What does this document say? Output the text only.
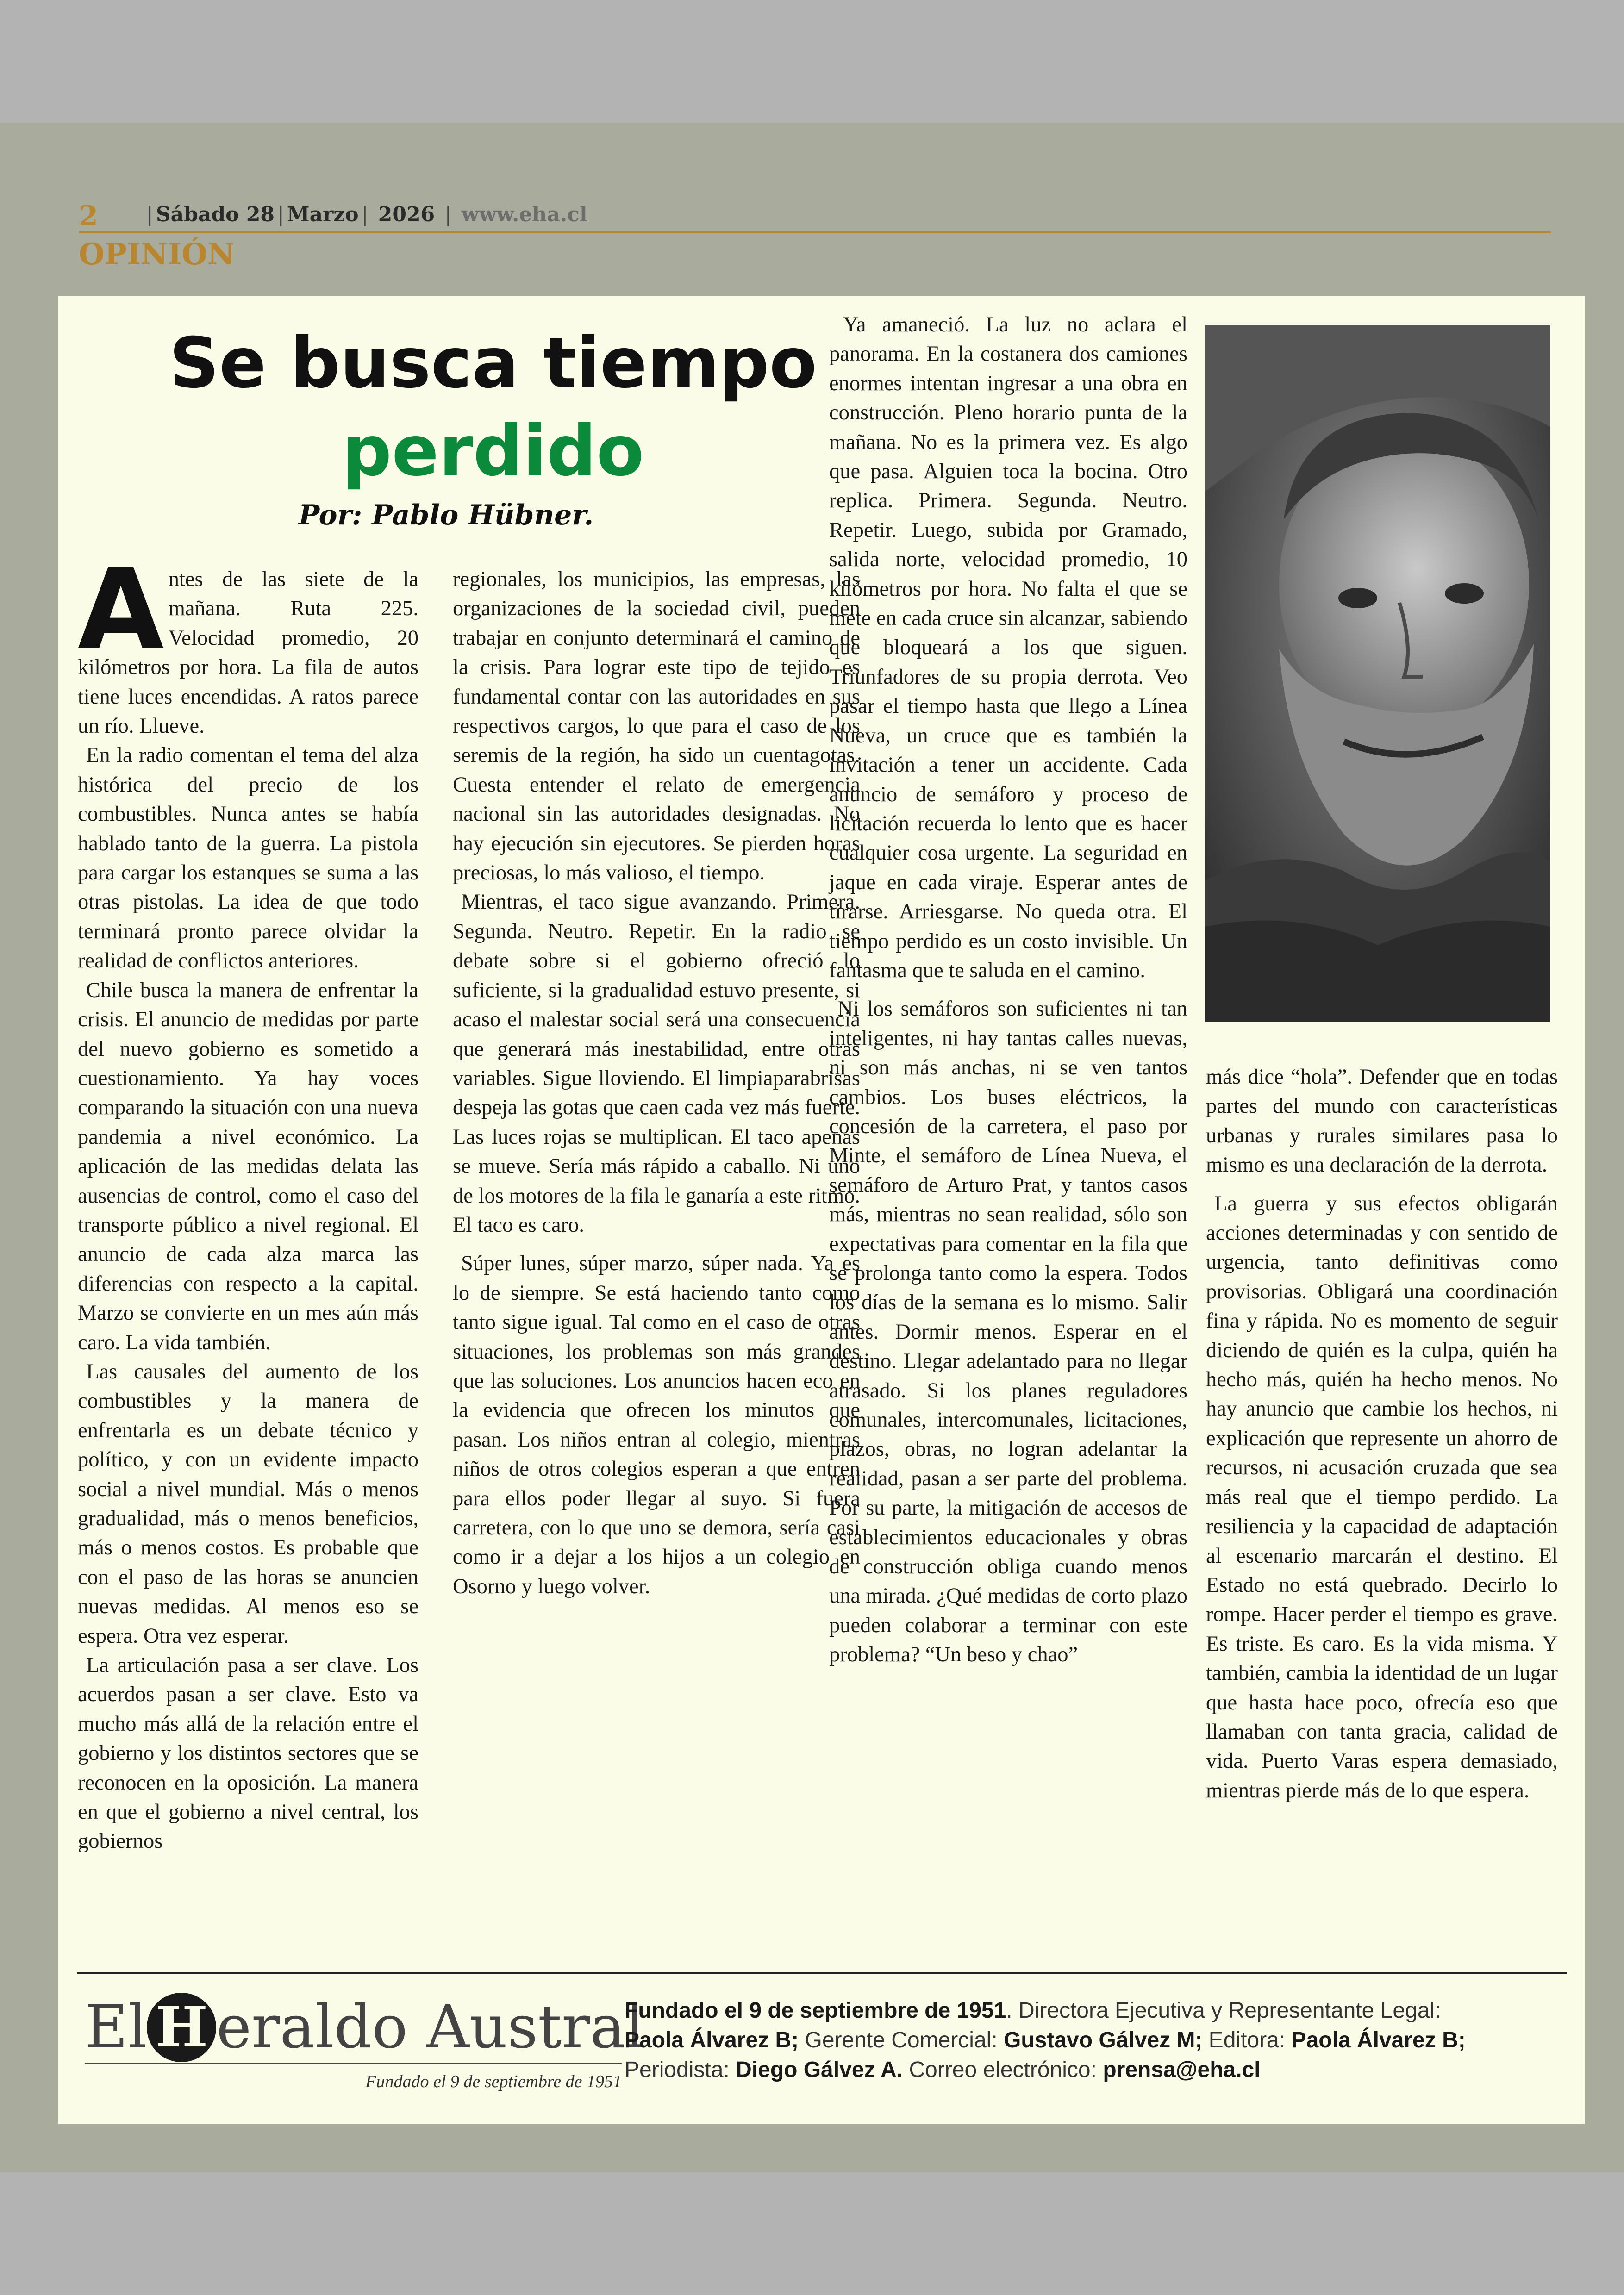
2 | Sábado 28 | Marzo | 2026 | www.eha.cl
OPINIÓN
Se busca tiempo
perdido
Por: Pablo Hübner.

Antes de las siete de la mañana. Ruta 225. Velocidad promedio, 20 kilómetros por hora. La fila de autos tiene luces encendidas. A ratos parece un río. Llueve.

En la radio comentan el tema del alza histórica del precio de los combustibles. Nunca antes se había hablado tanto de la guerra. La pistola para cargar los estanques se suma a las otras pistolas. La idea de que todo terminará pronto parece olvidar la realidad de conflictos anteriores.

Chile busca la manera de enfrentar la crisis. El anuncio de medidas por parte del nuevo gobierno es sometido a cuestionamiento. Ya hay voces comparando la situación con una nueva pandemia a nivel económico. La aplicación de las medidas delata las ausencias de control, como el caso del transporte público a nivel regional. El anuncio de cada alza marca las diferencias con respecto a la capital. Marzo se convierte en un mes aún más caro. La vida también.

Las causales del aumento de los combustibles y la manera de enfrentarla es un debate técnico y político, y con un evidente impacto social a nivel mundial. Más o menos gradualidad, más o menos beneficios, más o menos costos. Es probable que con el paso de las horas se anuncien nuevas medidas. Al menos eso se espera. Otra vez esperar.

La articulación pasa a ser clave. Los acuerdos pasan a ser clave. Esto va mucho más allá de la relación entre el gobierno y los distintos sectores que se reconocen en la oposición. La manera en que el gobierno a nivel central, los gobiernos

regionales, los municipios, las empresas, las organizaciones de la sociedad civil, pueden trabajar en conjunto determinará el camino de la crisis. Para lograr este tipo de tejido es fundamental contar con las autoridades en sus respectivos cargos, lo que para el caso de los seremis de la región, ha sido un cuentagotas. Cuesta entender el relato de emergencia nacional sin las autoridades designadas. No hay ejecución sin ejecutores. Se pierden horas preciosas, lo más valioso, el tiempo.

Mientras, el taco sigue avanzando. Primera. Segunda. Neutro. Repetir. En la radio se debate sobre si el gobierno ofreció lo suficiente, si la gradualidad estuvo presente, si acaso el malestar social será una consecuencia que generará más inestabilidad, entre otras variables. Sigue lloviendo. El limpiaparabrisas despeja las gotas que caen cada vez más fuerte. Las luces rojas se multiplican. El taco apenas se mueve. Sería más rápido a caballo. Ni uno de los motores de la fila le ganaría a este ritmo. El taco es caro.

Súper lunes, súper marzo, súper nada. Ya es lo de siempre. Se está haciendo tanto como tanto sigue igual. Tal como en el caso de otras situaciones, los problemas son más grandes que las soluciones. Los anuncios hacen eco en la evidencia que ofrecen los minutos que pasan. Los niños entran al colegio, mientras niños de otros colegios esperan a que entren para ellos poder llegar al suyo. Si fuera carretera, con lo que uno se demora, sería casi como ir a dejar a los hijos a un colegio en Osorno y luego volver.

Ya amaneció. La luz no aclara el panorama. En la costanera dos camiones enormes intentan ingresar a una obra en construcción. Pleno horario punta de la mañana. No es la primera vez. Es algo que pasa. Alguien toca la bocina. Otro replica. Primera. Segunda. Neutro. Repetir. Luego, subida por Gramado, salida norte, velocidad promedio, 10 kilómetros por hora. No falta el que se mete en cada cruce sin alcanzar, sabiendo que bloqueará a los que siguen. Triunfadores de su propia derrota. Veo pasar el tiempo hasta que llego a Línea Nueva, un cruce que es también la invitación a tener un accidente. Cada anuncio de semáforo y proceso de licitación recuerda lo lento que es hacer cualquier cosa urgente. La seguridad en jaque en cada viraje. Esperar antes de tirarse. Arriesgarse. No queda otra. El tiempo perdido es un costo invisible. Un fantasma que te saluda en el camino.

Ni los semáforos son suficientes ni tan inteligentes, ni hay tantas calles nuevas, ni son más anchas, ni se ven tantos cambios. Los buses eléctricos, la concesión de la carretera, el paso por Minte, el semáforo de Línea Nueva, el semáforo de Arturo Prat, y tantos casos más, mientras no sean realidad, sólo son expectativas para comentar en la fila que se prolonga tanto como la espera. Todos los días de la semana es lo mismo. Salir antes. Dormir menos. Esperar en el destino. Llegar adelantado para no llegar atrasado. Si los planes reguladores comunales, intercomunales, licitaciones, plazos, obras, no logran adelantar la realidad, pasan a ser parte del problema. Por su parte, la mitigación de accesos de establecimientos educacionales y obras de construcción obliga cuando menos una mirada. ¿Qué medidas de corto plazo pueden colaborar a terminar con este problema? “Un beso y chao”

más dice “hola”. Defender que en todas partes del mundo con características urbanas y rurales similares pasa lo mismo es una declaración de la derrota.

La guerra y sus efectos obligarán acciones determinadas y con sentido de urgencia, tanto definitivas como provisorias. Obligará una coordinación fina y rápida. No es momento de seguir diciendo de quién es la culpa, quién ha hecho más, quién ha hecho menos. No hay anuncio que cambie los hechos, ni explicación que represente un ahorro de recursos, ni acusación cruzada que sea más real que el tiempo perdido. La resiliencia y la capacidad de adaptación al escenario marcarán el destino. El Estado no está quebrado. Decirlo lo rompe. Hacer perder el tiempo es grave. Es triste. Es caro. Es la vida misma. Y también, cambia la identidad de un lugar que hasta hace poco, ofrecía eso que llamaban con tanta gracia, calidad de vida. Puerto Varas espera demasiado, mientras pierde más de lo que espera.

El H eraldo Austral
Fundado el 9 de septiembre de 1951
Fundado el 9 de septiembre de 1951. Directora Ejecutiva y Representante Legal:
Paola Álvarez B; Gerente Comercial: Gustavo Gálvez M; Editora: Paola Álvarez B;
Periodista: Diego Gálvez A. Correo electrónico: prensa@eha.cl
